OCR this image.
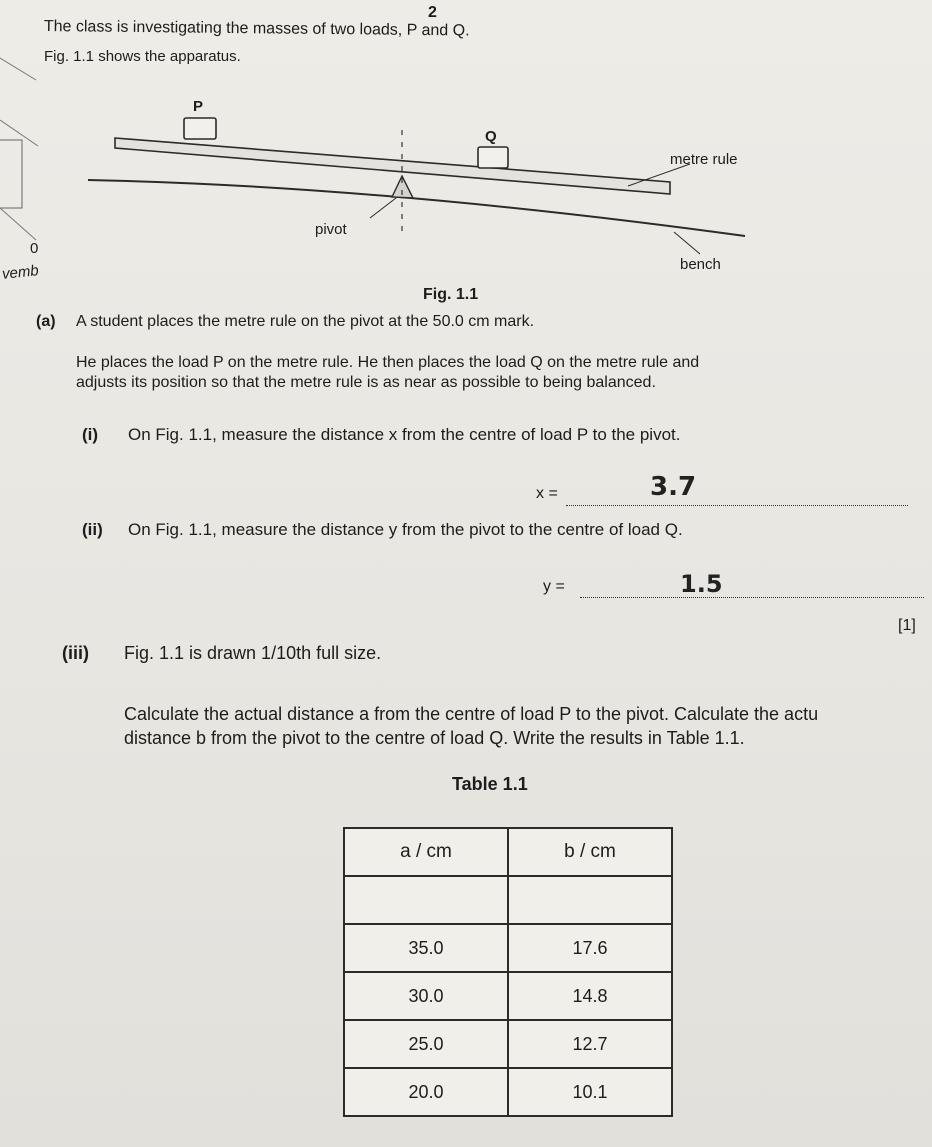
2
The class is investigating the masses of two loads, P and Q.
Fig. 1.1 shows the apparatus.
0
vemb
P
Q
metre rule
pivot
bench
Fig. 1.1
(a) A student places the metre rule on the pivot at the 50.0 cm mark.
He places the load P on the metre rule. He then places the load Q on the metre rule and
adjusts its position so that the metre rule is as near as possible to being balanced.
(i) On Fig. 1.1, measure the distance x from the centre of load P to the pivot.
x =	3.7
(ii) On Fig. 1.1, measure the distance y from the pivot to the centre of load Q.
y =	1.5
[1]
(iii) Fig. 1.1 is drawn 1/10th full size.
Calculate the actual distance a from the centre of load P to the pivot. Calculate the actu
distance b from the pivot to the centre of load Q. Write the results in Table 1.1.
Table 1.1
a / cm	b / cm

35.0	17.6
30.0	14.8
25.0	12.7
20.0	10.1
